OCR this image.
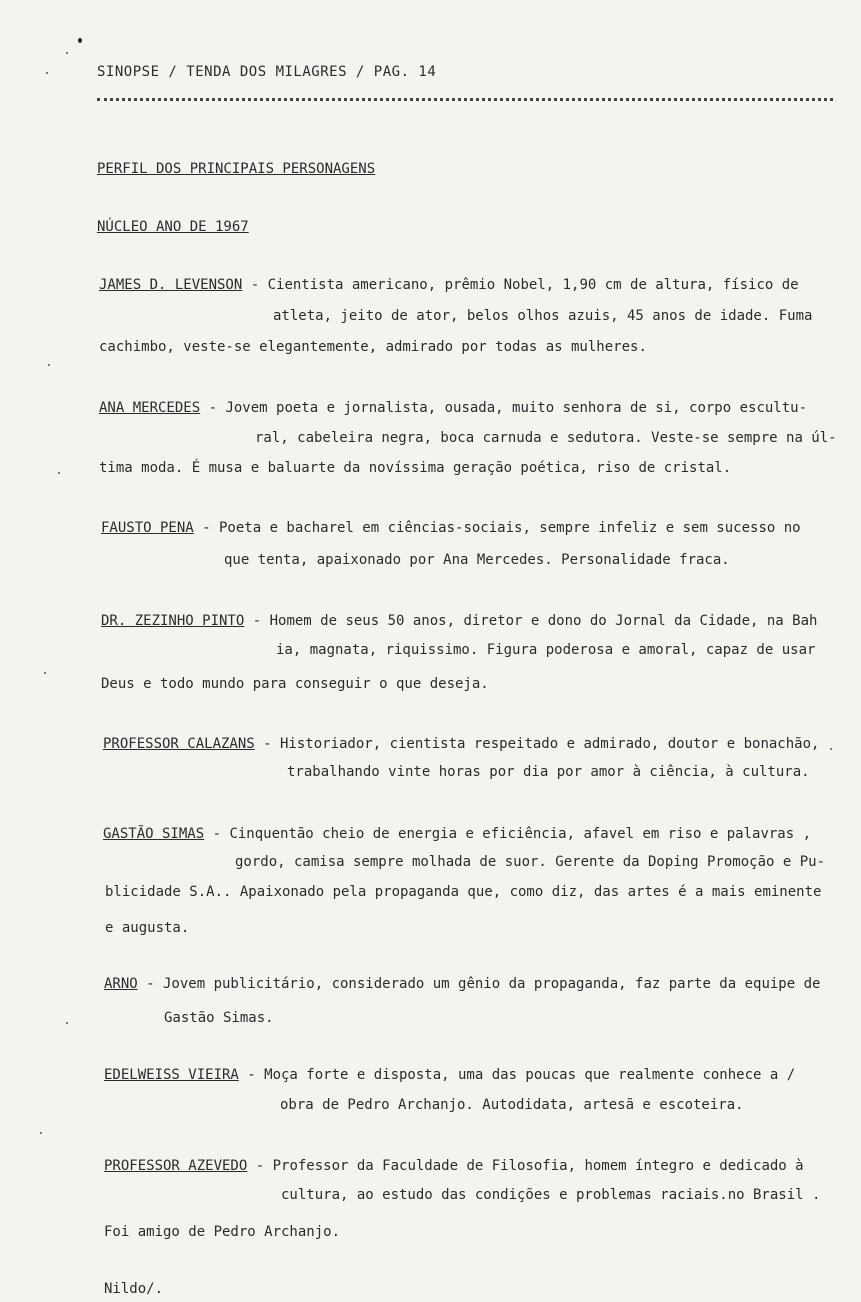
SINOPSE / TENDA DOS MILAGRES / PAG. 14
PERFIL DOS PRINCIPAIS PERSONAGENS
NÚCLEO ANO DE 1967
JAMES D. LEVENSON - Cientista americano, prêmio Nobel, 1,90 cm de altura, físico de
atleta, jeito de ator, belos olhos azuis, 45 anos de idade. Fuma
cachimbo, veste-se elegantemente, admirado por todas as mulheres.
ANA MERCEDES - Jovem poeta e jornalista, ousada, muito senhora de si, corpo escultu-
ral, cabeleira negra, boca carnuda e sedutora. Veste-se sempre na úl-
tima moda. É musa e baluarte da novíssima geração poética, riso de cristal.
FAUSTO PENA - Poeta e bacharel em ciências-sociais, sempre infeliz e sem sucesso no
que tenta, apaixonado por Ana Mercedes. Personalidade fraca.
DR. ZEZINHO PINTO - Homem de seus 50 anos, diretor e dono do Jornal da Cidade, na Bah
ia, magnata, riquissimo. Figura poderosa e amoral, capaz de usar
Deus e todo mundo para conseguir o que deseja.
PROFESSOR CALAZANS - Historiador, cientista respeitado e admirado, doutor e bonachão,
trabalhando vinte horas por dia por amor à ciência, à cultura.
GASTÃO SIMAS - Cinquentão cheio de energia e eficiência, afavel em riso e palavras ,
gordo, camisa sempre molhada de suor. Gerente da Doping Promoção e Pu-
blicidade S.A.. Apaixonado pela propaganda que, como diz, das artes é a mais eminente
e augusta.
ARNO - Jovem publicitário, considerado um gênio da propaganda, faz parte da equipe de
Gastão Simas.
EDELWEISS VIEIRA - Moça forte e disposta, uma das poucas que realmente conhece a /
obra de Pedro Archanjo. Autodidata, artesã e escoteira.
PROFESSOR AZEVEDO - Professor da Faculdade de Filosofia, homem íntegro e dedicado à
cultura, ao estudo das condições e problemas raciais.no Brasil .
Foi amigo de Pedro Archanjo.
Nildo/.
